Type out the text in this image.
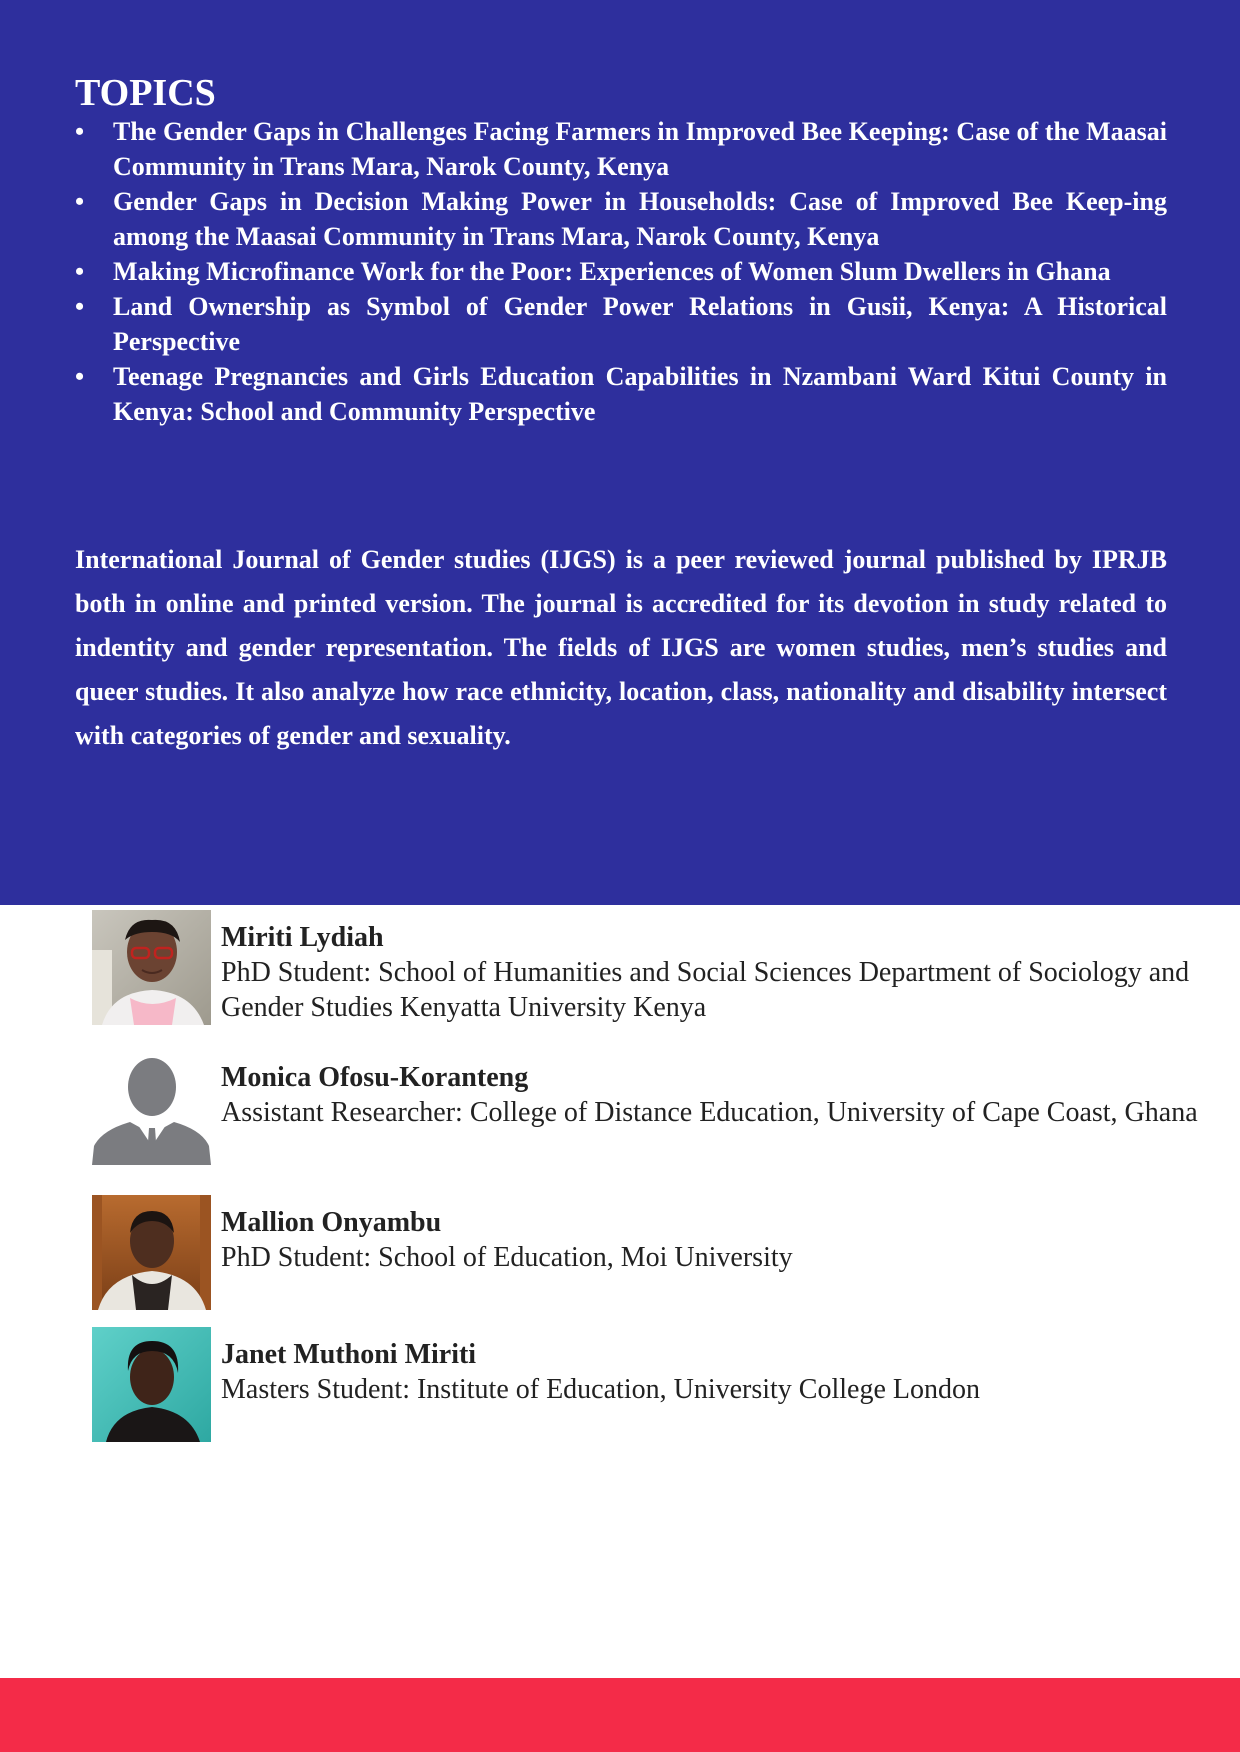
TOPICS
• The Gender Gaps in Challenges Facing Farmers in Improved Bee Keeping: Case of the Maasai Community in Trans Mara, Narok County, Kenya
• Gender Gaps in Decision Making Power in Households: Case of Improved Bee Keep-ing among the Maasai Community in Trans Mara, Narok County, Kenya
• Making Microfinance Work for the Poor: Experiences of Women Slum Dwellers in Ghana
• Land Ownership as Symbol of Gender Power Relations in Gusii, Kenya: A Historical Perspective
• Teenage Pregnancies and Girls Education Capabilities in Nzambani Ward Kitui County in Kenya: School and Community Perspective

International Journal of Gender studies (IJGS) is a peer reviewed journal published by IPRJB both in online and printed version. The journal is accredited for its devotion in study related to indentity and gender representation. The fields of IJGS are women studies, men’s studies and queer studies. It also analyze how race ethnicity, location, class, nationality and disability intersect with categories of gender and sexuality.

Miriti Lydiah
PhD Student: School of Humanities and Social Sciences Department of Sociology and Gender Studies Kenyatta University Kenya
Monica Ofosu-Koranteng
Assistant Researcher: College of Distance Education, University of Cape Coast, Ghana
Mallion Onyambu
PhD Student: School of Education, Moi University
Janet Muthoni Miriti
Masters Student: Institute of Education, University College London
